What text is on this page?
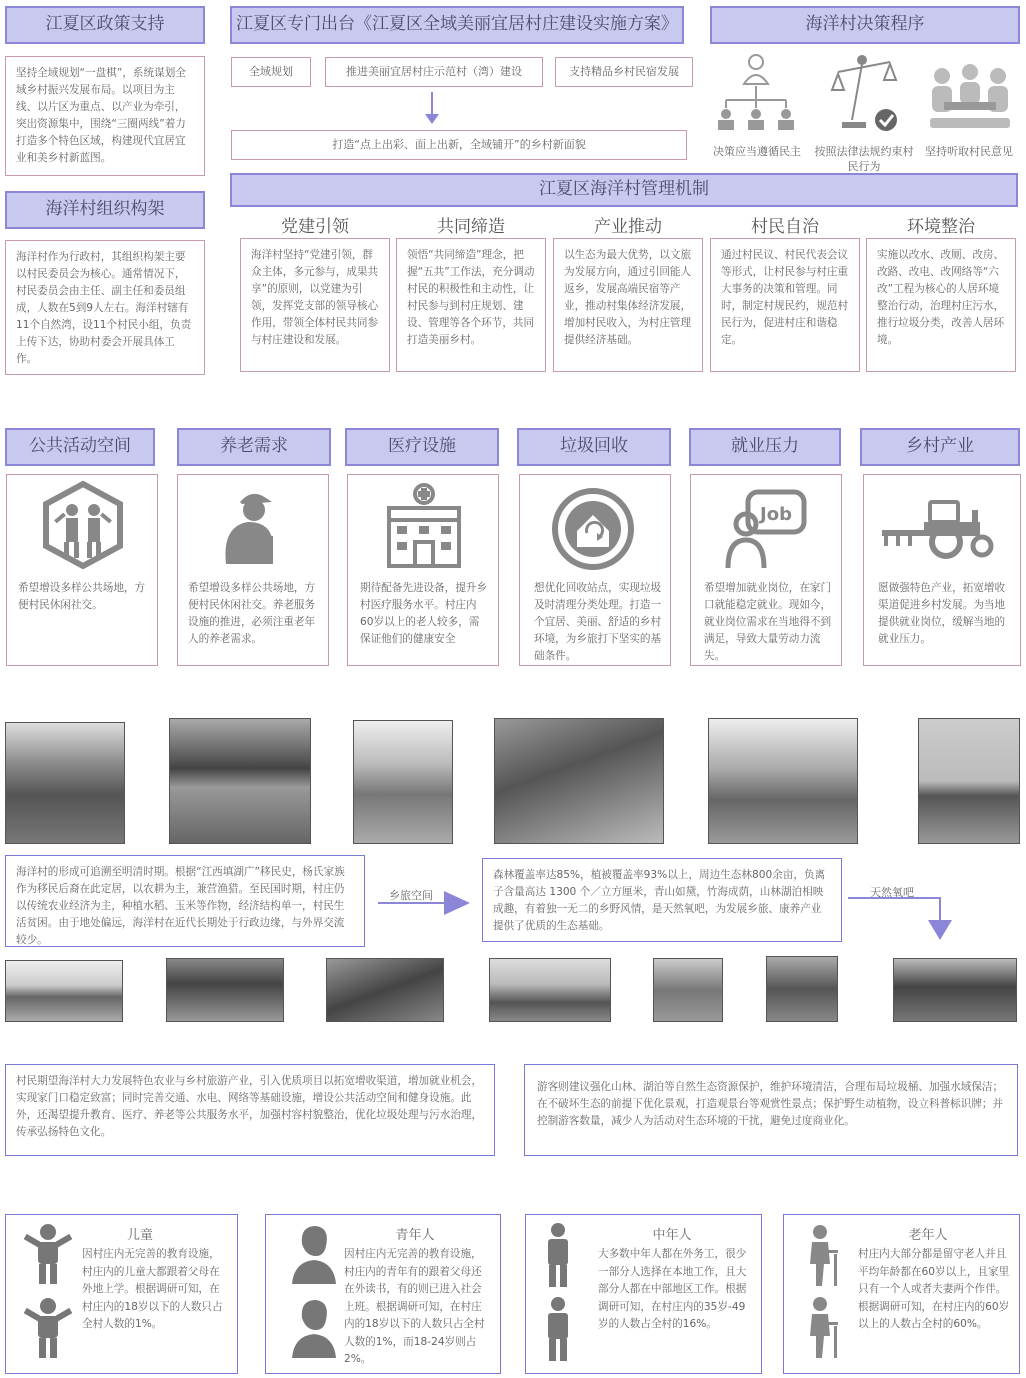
江夏区政策支持
坚持全域规划“一盘棋”，系统谋划全域乡村振兴发展布局。以项目为主线、以片区为重点、以产业为牵引，突出资源集中，围绕“三圈两线”着力打造多个特色区域，构建现代宜居宜业和美乡村新蓝图。
江夏区专门出台《江夏区全域美丽宜居村庄建设实施方案》
全域规划	推进美丽宜居村庄示范村（湾）建设	支持精品乡村民宿发展
打造“点上出彩、面上出新，全域铺开”的乡村新面貌
海洋村决策程序
决策应当遵循民主	按照法律法规约束村民行为
坚持听取村民意见
海洋村组织构架
海洋村作为行政村，其组织构架主要以村民委员会为核心。通常情况下，村民委员会由主任、副主任和委员组成，人数在5到9人左右。海洋村辖有11个自然湾，设11个村民小组，负责上传下达，协助村委会开展具体工作。
江夏区海洋村管理机制
党建引领	共同缔造	产业推动	村民自治	环境整治
海洋村坚持“党建引领，群众主体，多元参与，成果共享”的原则，以党建为引领，发挥党支部的领导核心作用，带领全体村民共同参与村庄建设和发展。
领悟“共同缔造”理念，把握“五共”工作法，充分调动村民的积极性和主动性，让村民参与到村庄规划、建设、管理等各个环节，共同打造美丽乡村。
以生态为最大优势，以文旅为发展方向，通过引回能人返乡，发展高端民宿等产业，推动村集体经济发展，增加村民收入，为村庄管理提供经济基础。
通过村民议、村民代表会议等形式，让村民参与村庄重大事务的决策和管理。同时，制定村规民约，规范村民行为，促进村庄和谐稳定。
实施以改水、改厕、改房、改路、改电、改网络等“六改”工程为核心的人居环境整治行动，治理村庄污水，推行垃圾分类，改善人居环境。
公共活动空间	养老需求	医疗设施	垃圾回收	就业压力	乡村产业
Job
希望增设多样公共场地，方便村民休闲社交。
希望增设多样公共场地，方便村民休闲社交。养老服务设施的推进，必须注重老年人的养老需求。
期待配备先进设备，提升乡村医疗服务水平。村庄内60岁以上的老人较多，需保证他们的健康安全
想优化回收站点，实现垃圾及时清理分类处理。打造一个宜居、美丽、舒适的乡村环境，为乡旅打下坚实的基础条件。
希望增加就业岗位，在家门口就能稳定就业。现如今，就业岗位需求在当地得不到满足，导致大量劳动力流失。
愿做强特色产业，拓宽增收渠道促进乡村发展。为当地提供就业岗位，缓解当地的就业压力。
海洋村的形成可追溯至明清时期。根据“江西填湖广”移民史，杨氏家族作为移民后裔在此定居，以农耕为主，兼营渔猎。至民国时期，村庄仍以传统农业经济为主，种植水稻、玉米等作物，经济结构单一，村民生活贫困。由于地处偏远，海洋村在近代长期处于行政边缘，与外界交流较少。
乡旅空间
森林覆盖率达85%，植被覆盖率93%以上，周边生态林800余亩，负离子含量高达 1300 个／立方厘米，青山如黛，竹海成荫，山林湖泊相映成趣，有着独一无二的乡野风情，是天然氧吧，为发展乡旅、康养产业提供了优质的生态基础。
天然氧吧
村民期望海洋村大力发展特色农业与乡村旅游产业，引入优质项目以拓宽增收渠道，增加就业机会，实现家门口稳定致富；同时完善交通、水电、网络等基础设施，增设公共活动空间和健身设施。此外，还渴望提升教育、医疗、养老等公共服务水平，加强村容村貌整治，优化垃圾处理与污水治理，传承弘扬特色文化。
游客则建议强化山林、湖泊等自然生态资源保护，维护环境清洁，合理布局垃圾桶、加强水域保洁；在不破坏生态的前提下优化景观，打造观景台等观赏性景点；保护野生动植物，设立科普标识牌；并控制游客数量，减少人为活动对生态环境的干扰，避免过度商业化。
儿童	青年人	中年人	老年人
因村庄内无完善的教育设施，村庄内的儿童大都跟着父母在外地上学。根据调研可知，在村庄内的18岁以下的人数只占全村人数的1%。
因村庄内无完善的教育设施，村庄内的青年有的跟着父母还在外读书，有的则已进入社会上班。根据调研可知，在村庄内的18岁以下的人数只占全村人数的1%，而18-24岁则占2%。
大多数中年人都在外务工，很少一部分人选择在本地工作，且大部分人都在中部地区工作。根据调研可知，在村庄内的35岁-49岁的人数占全村的16%。
村庄内大部分都是留守老人并且平均年龄都在60岁以上，且家里只有一个人或者夫妻两个作伴。根据调研可知，在村庄内的60岁以上的人数占全村的60%。
